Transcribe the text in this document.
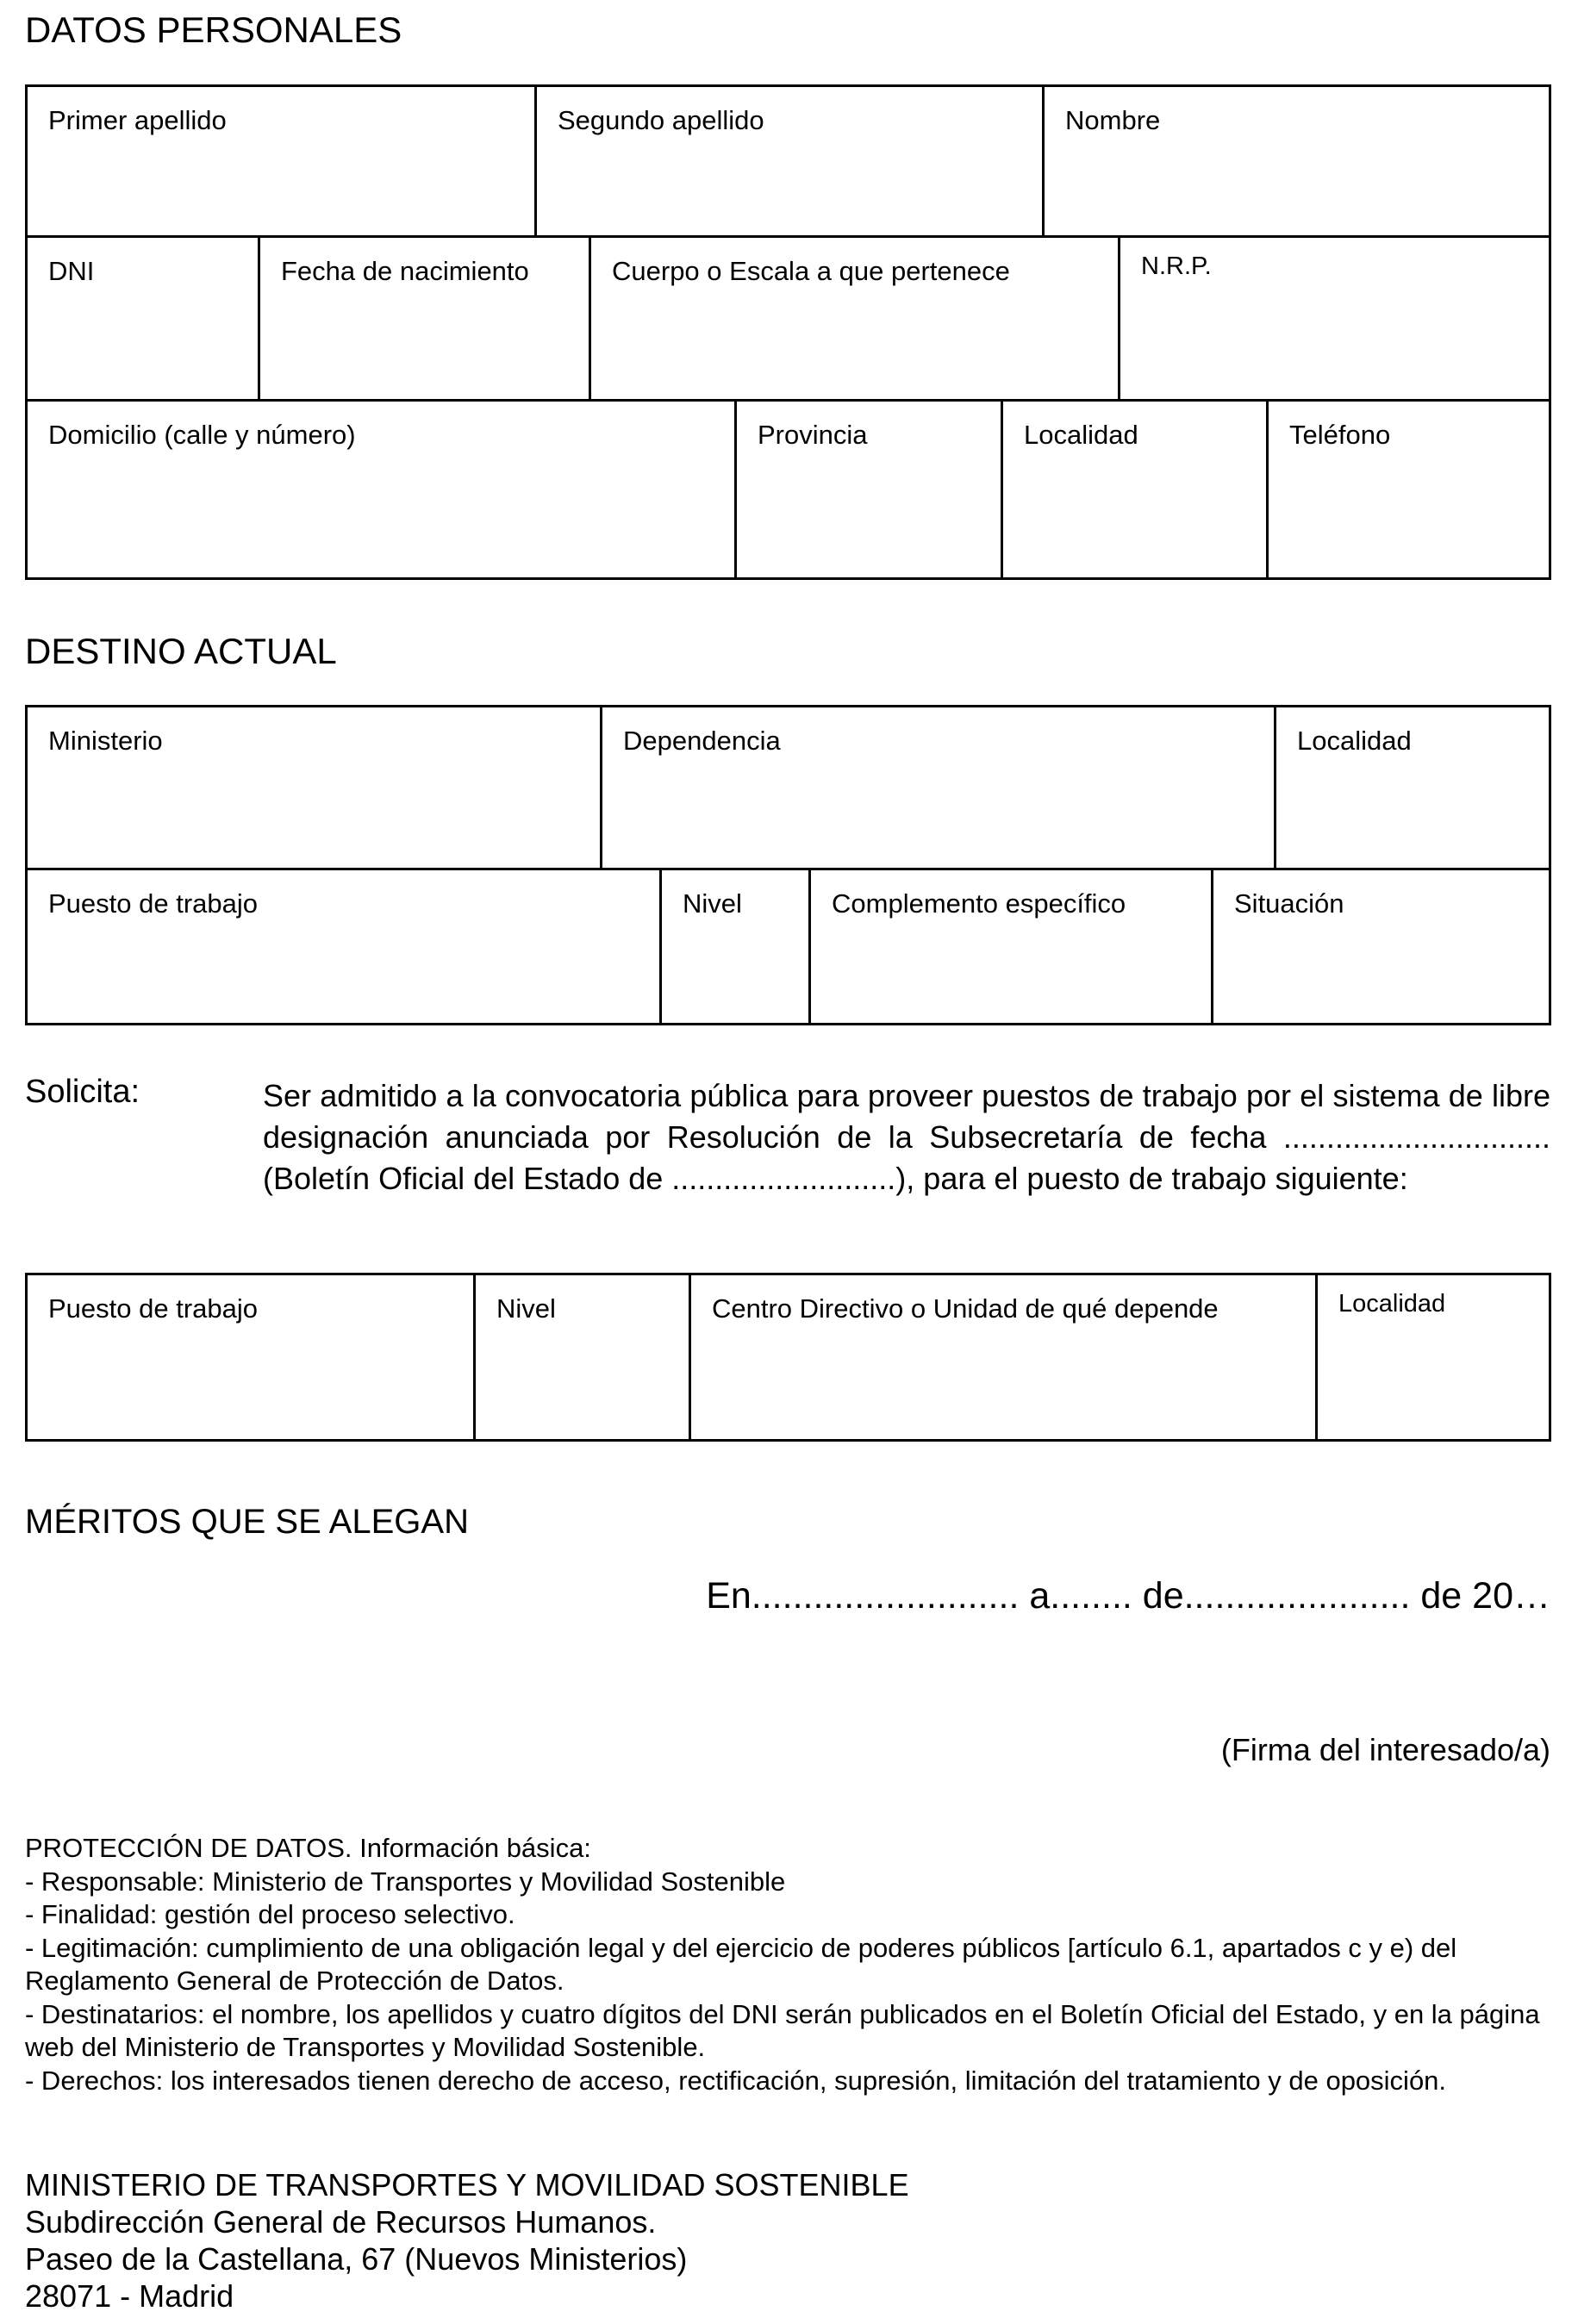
DATOS PERSONALES
Primer apellido	Segundo apellido	Nombre
DNI	Fecha de nacimiento	Cuerpo o Escala a que pertenece	N.R.P.
Domicilio (calle y número)	Provincia	Localidad	Teléfono
DESTINO ACTUAL
Ministerio	Dependencia	Localidad
Puesto de trabajo	Nivel	Complemento específico	Situación
Solicita:	Ser admitido a la convocatoria pública para proveer puestos de trabajo por el sistema de libre
designación anunciada por Resolución de la Subsecretaría de fecha ...............................
(Boletín Oficial del Estado de ..........................), para el puesto de trabajo siguiente:
Puesto de trabajo	Nivel	Centro Directivo o Unidad de qué depende	Localidad
MÉRITOS QUE SE ALEGAN
En.......................... a........ de...................... de 20…
(Firma del interesado/a)
PROTECCIÓN DE DATOS. Información básica:
- Responsable: Ministerio de Transportes y Movilidad Sostenible
- Finalidad: gestión del proceso selectivo.
- Legitimación: cumplimiento de una obligación legal y del ejercicio de poderes públicos [artículo 6.1, apartados c y e) del Reglamento General de Protección de Datos.
- Destinatarios: el nombre, los apellidos y cuatro dígitos del DNI serán publicados en el Boletín Oficial del Estado, y en la página web del Ministerio de Transportes y Movilidad Sostenible.
- Derechos: los interesados tienen derecho de acceso, rectificación, supresión, limitación del tratamiento y de oposición.
MINISTERIO DE TRANSPORTES Y MOVILIDAD SOSTENIBLE
Subdirección General de Recursos Humanos.
Paseo de la Castellana, 67 (Nuevos Ministerios)
28071 - Madrid
